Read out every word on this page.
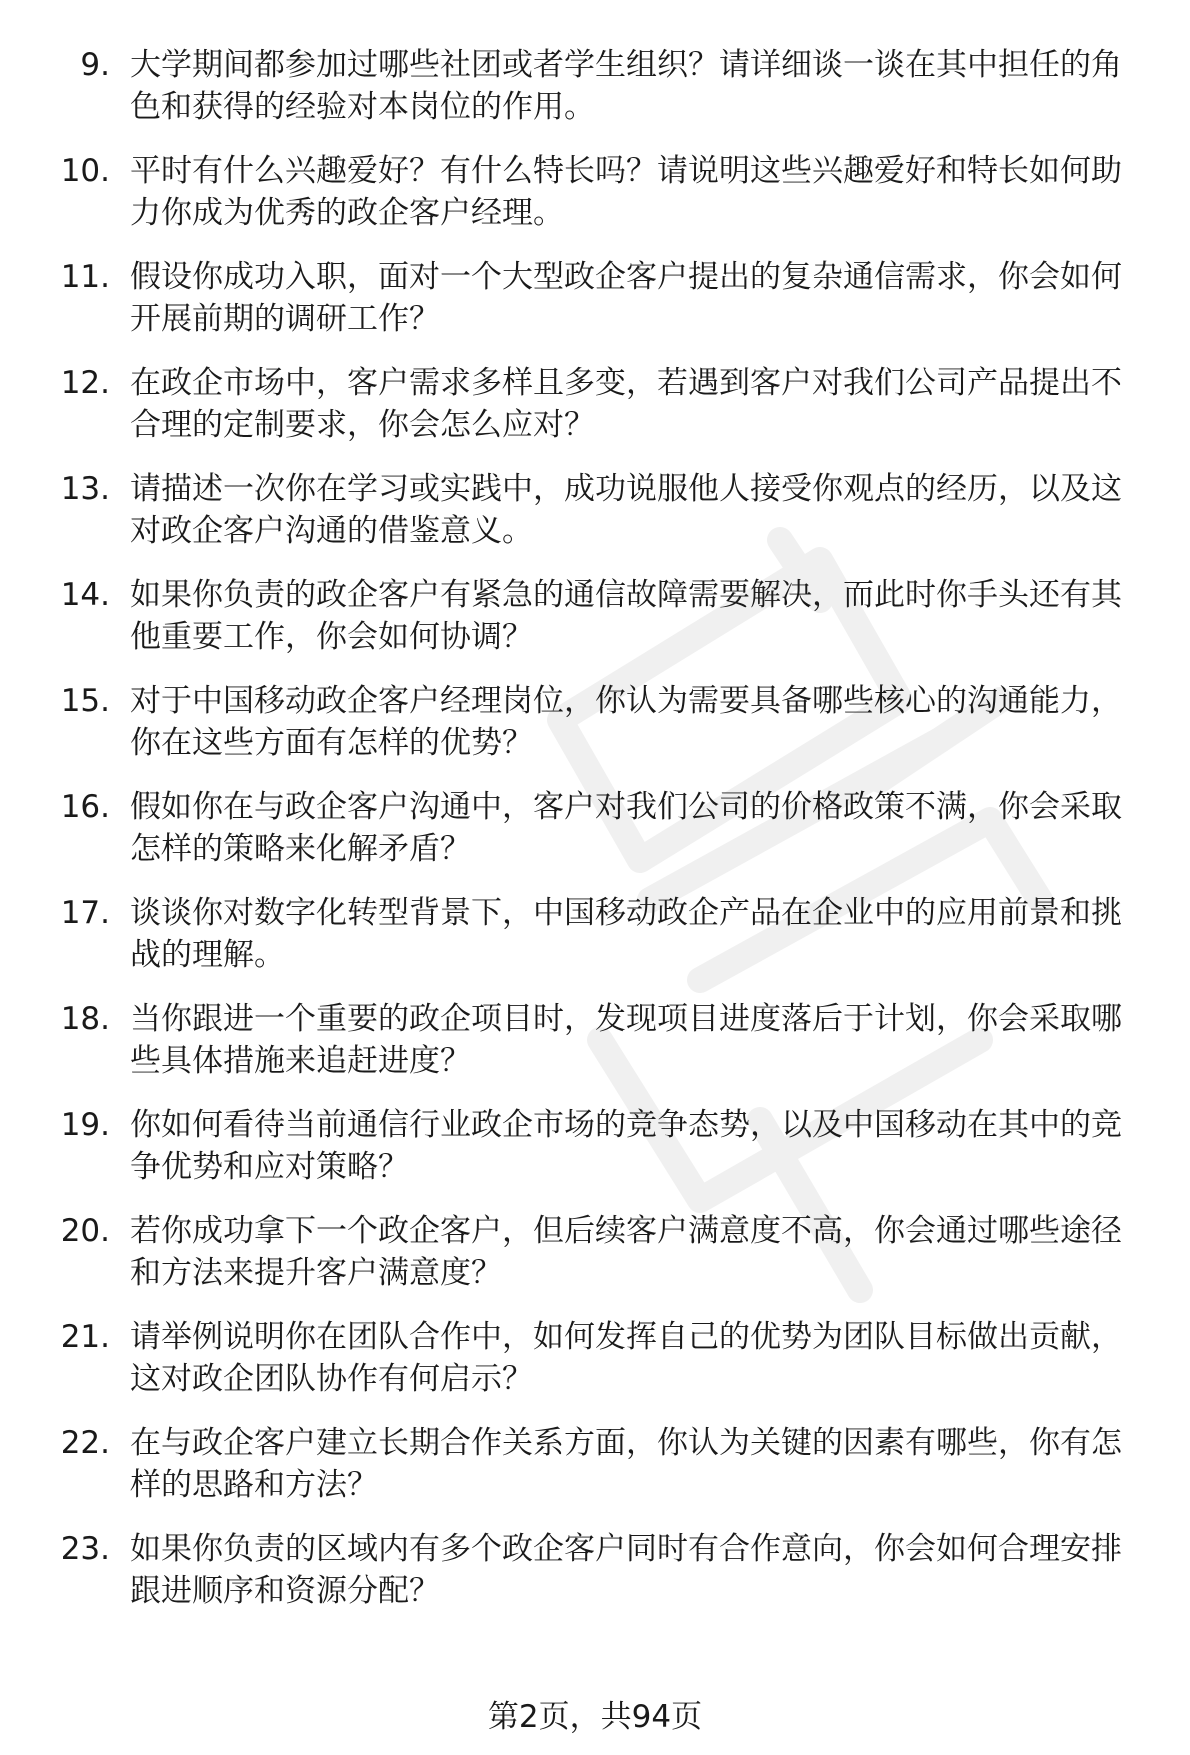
9. 大学期间都参加过哪些社团或者学生组织？请详细谈一谈在其中担任的角色和获得的经验对本岗位的作用。
10. 平时有什么兴趣爱好？有什么特长吗？请说明这些兴趣爱好和特长如何助力你成为优秀的政企客户经理。
11. 假设你成功入职，面对一个大型政企客户提出的复杂通信需求，你会如何开展前期的调研工作？
12. 在政企市场中，客户需求多样且多变，若遇到客户对我们公司产品提出不合理的定制要求，你会怎么应对？
13. 请描述一次你在学习或实践中，成功说服他人接受你观点的经历，以及这对政企客户沟通的借鉴意义。
14. 如果你负责的政企客户有紧急的通信故障需要解决，而此时你手头还有其他重要工作，你会如何协调？
15. 对于中国移动政企客户经理岗位，你认为需要具备哪些核心的沟通能力，你在这些方面有怎样的优势？
16. 假如你在与政企客户沟通中，客户对我们公司的价格政策不满，你会采取怎样的策略来化解矛盾？
17. 谈谈你对数字化转型背景下，中国移动政企产品在企业中的应用前景和挑战的理解。
18. 当你跟进一个重要的政企项目时，发现项目进度落后于计划，你会采取哪些具体措施来追赶进度？
19. 你如何看待当前通信行业政企市场的竞争态势，以及中国移动在其中的竞争优势和应对策略？
20. 若你成功拿下一个政企客户，但后续客户满意度不高，你会通过哪些途径和方法来提升客户满意度？
21. 请举例说明你在团队合作中，如何发挥自己的优势为团队目标做出贡献，这对政企团队协作有何启示？
22. 在与政企客户建立长期合作关系方面，你认为关键的因素有哪些，你有怎样的思路和方法？
23. 如果你负责的区域内有多个政企客户同时有合作意向，你会如何合理安排跟进顺序和资源分配？
第2页，共94页
